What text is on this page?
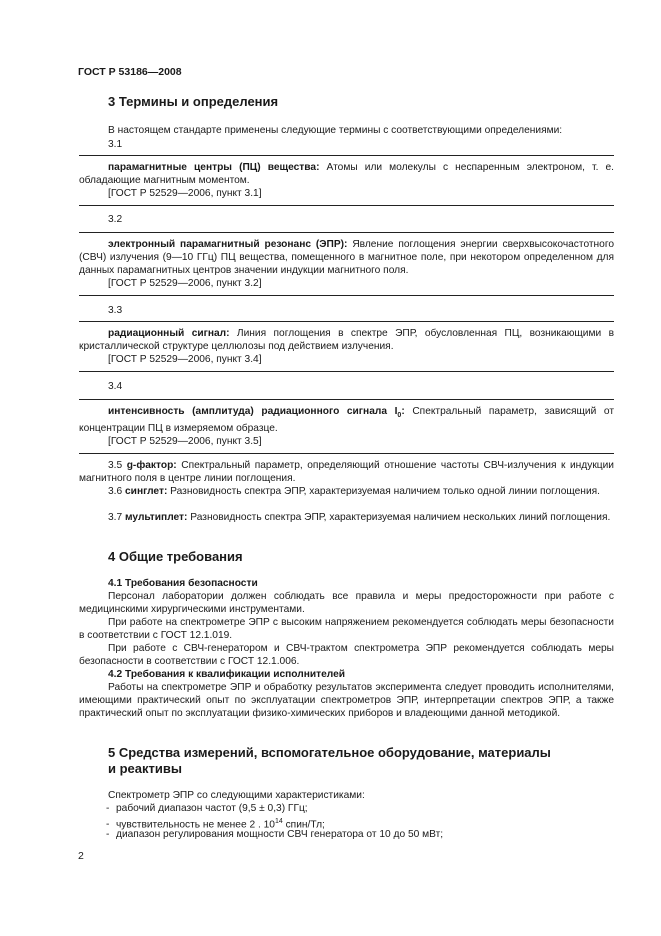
ГОСТ Р 53186—2008
3 Термины и определения
В настоящем стандарте применены следующие термины с соответствующими определениями:
3.1
парамагнитные центры (ПЦ) вещества: Атомы или молекулы с неспаренным электроном, т. е. обладающие магнитным моментом.
[ГОСТ Р 52529—2006, пункт 3.1]
3.2
электронный парамагнитный резонанс (ЭПР): Явление поглощения энергии сверхвысокочастотного (СВЧ) излучения (9—10 ГГц) ПЦ вещества, помещенного в магнитное поле, при некотором определенном для данных парамагнитных центров значении индукции магнитного поля.
[ГОСТ Р 52529—2006, пункт 3.2]
3.3
радиационный сигнал: Линия поглощения в спектре ЭПР, обусловленная ПЦ, возникающими в кристаллической структуре целлюлозы под действием излучения.
[ГОСТ Р 52529—2006, пункт 3.4]
3.4
интенсивность (амплитуда) радиационного сигнала $I_0$: Спектральный параметр, зависящий от концентрации ПЦ в измеряемом образце.
[ГОСТ Р 52529—2006, пункт 3.5]
3.5 g-фактор: Спектральный параметр, определяющий отношение частоты СВЧ-излучения к индукции магнитного поля в центре линии поглощения.
3.6 синглет: Разновидность спектра ЭПР, характеризуемая наличием только одной линии поглощения.
3.7 мультиплет: Разновидность спектра ЭПР, характеризуемая наличием нескольких линий поглощения.
4 Общие требования
4.1 Требования безопасности
Персонал лаборатории должен соблюдать все правила и меры предосторожности при работе с медицинскими хирургическими инструментами.
При работе на спектрометре ЭПР с высоким напряжением рекомендуется соблюдать меры безопасности в соответствии с ГОСТ 12.1.019.
При работе с СВЧ-генератором и СВЧ-трактом спектрометра ЭПР рекомендуется соблюдать меры безопасности в соответствии с ГОСТ 12.1.006.
4.2 Требования к квалификации исполнителей
Работы на спектрометре ЭПР и обработку результатов эксперимента следует проводить исполнителями, имеющими практический опыт по эксплуатации спектрометров ЭПР, интерпретации спектров ЭПР, а также практический опыт по эксплуатации физико-химических приборов и владеющими данной методикой.
5 Средства измерений, вспомогательное оборудование, материалы
и реактивы
Спектрометр ЭПР со следующими характеристиками:
- рабочий диапазон частот (9,5 ± 0,3) ГГц;
- чувствительность не менее 2 . $10^{14}$ спин/Тл;
- диапазон регулирования мощности СВЧ генератора от 10 до 50 мВт;
2
